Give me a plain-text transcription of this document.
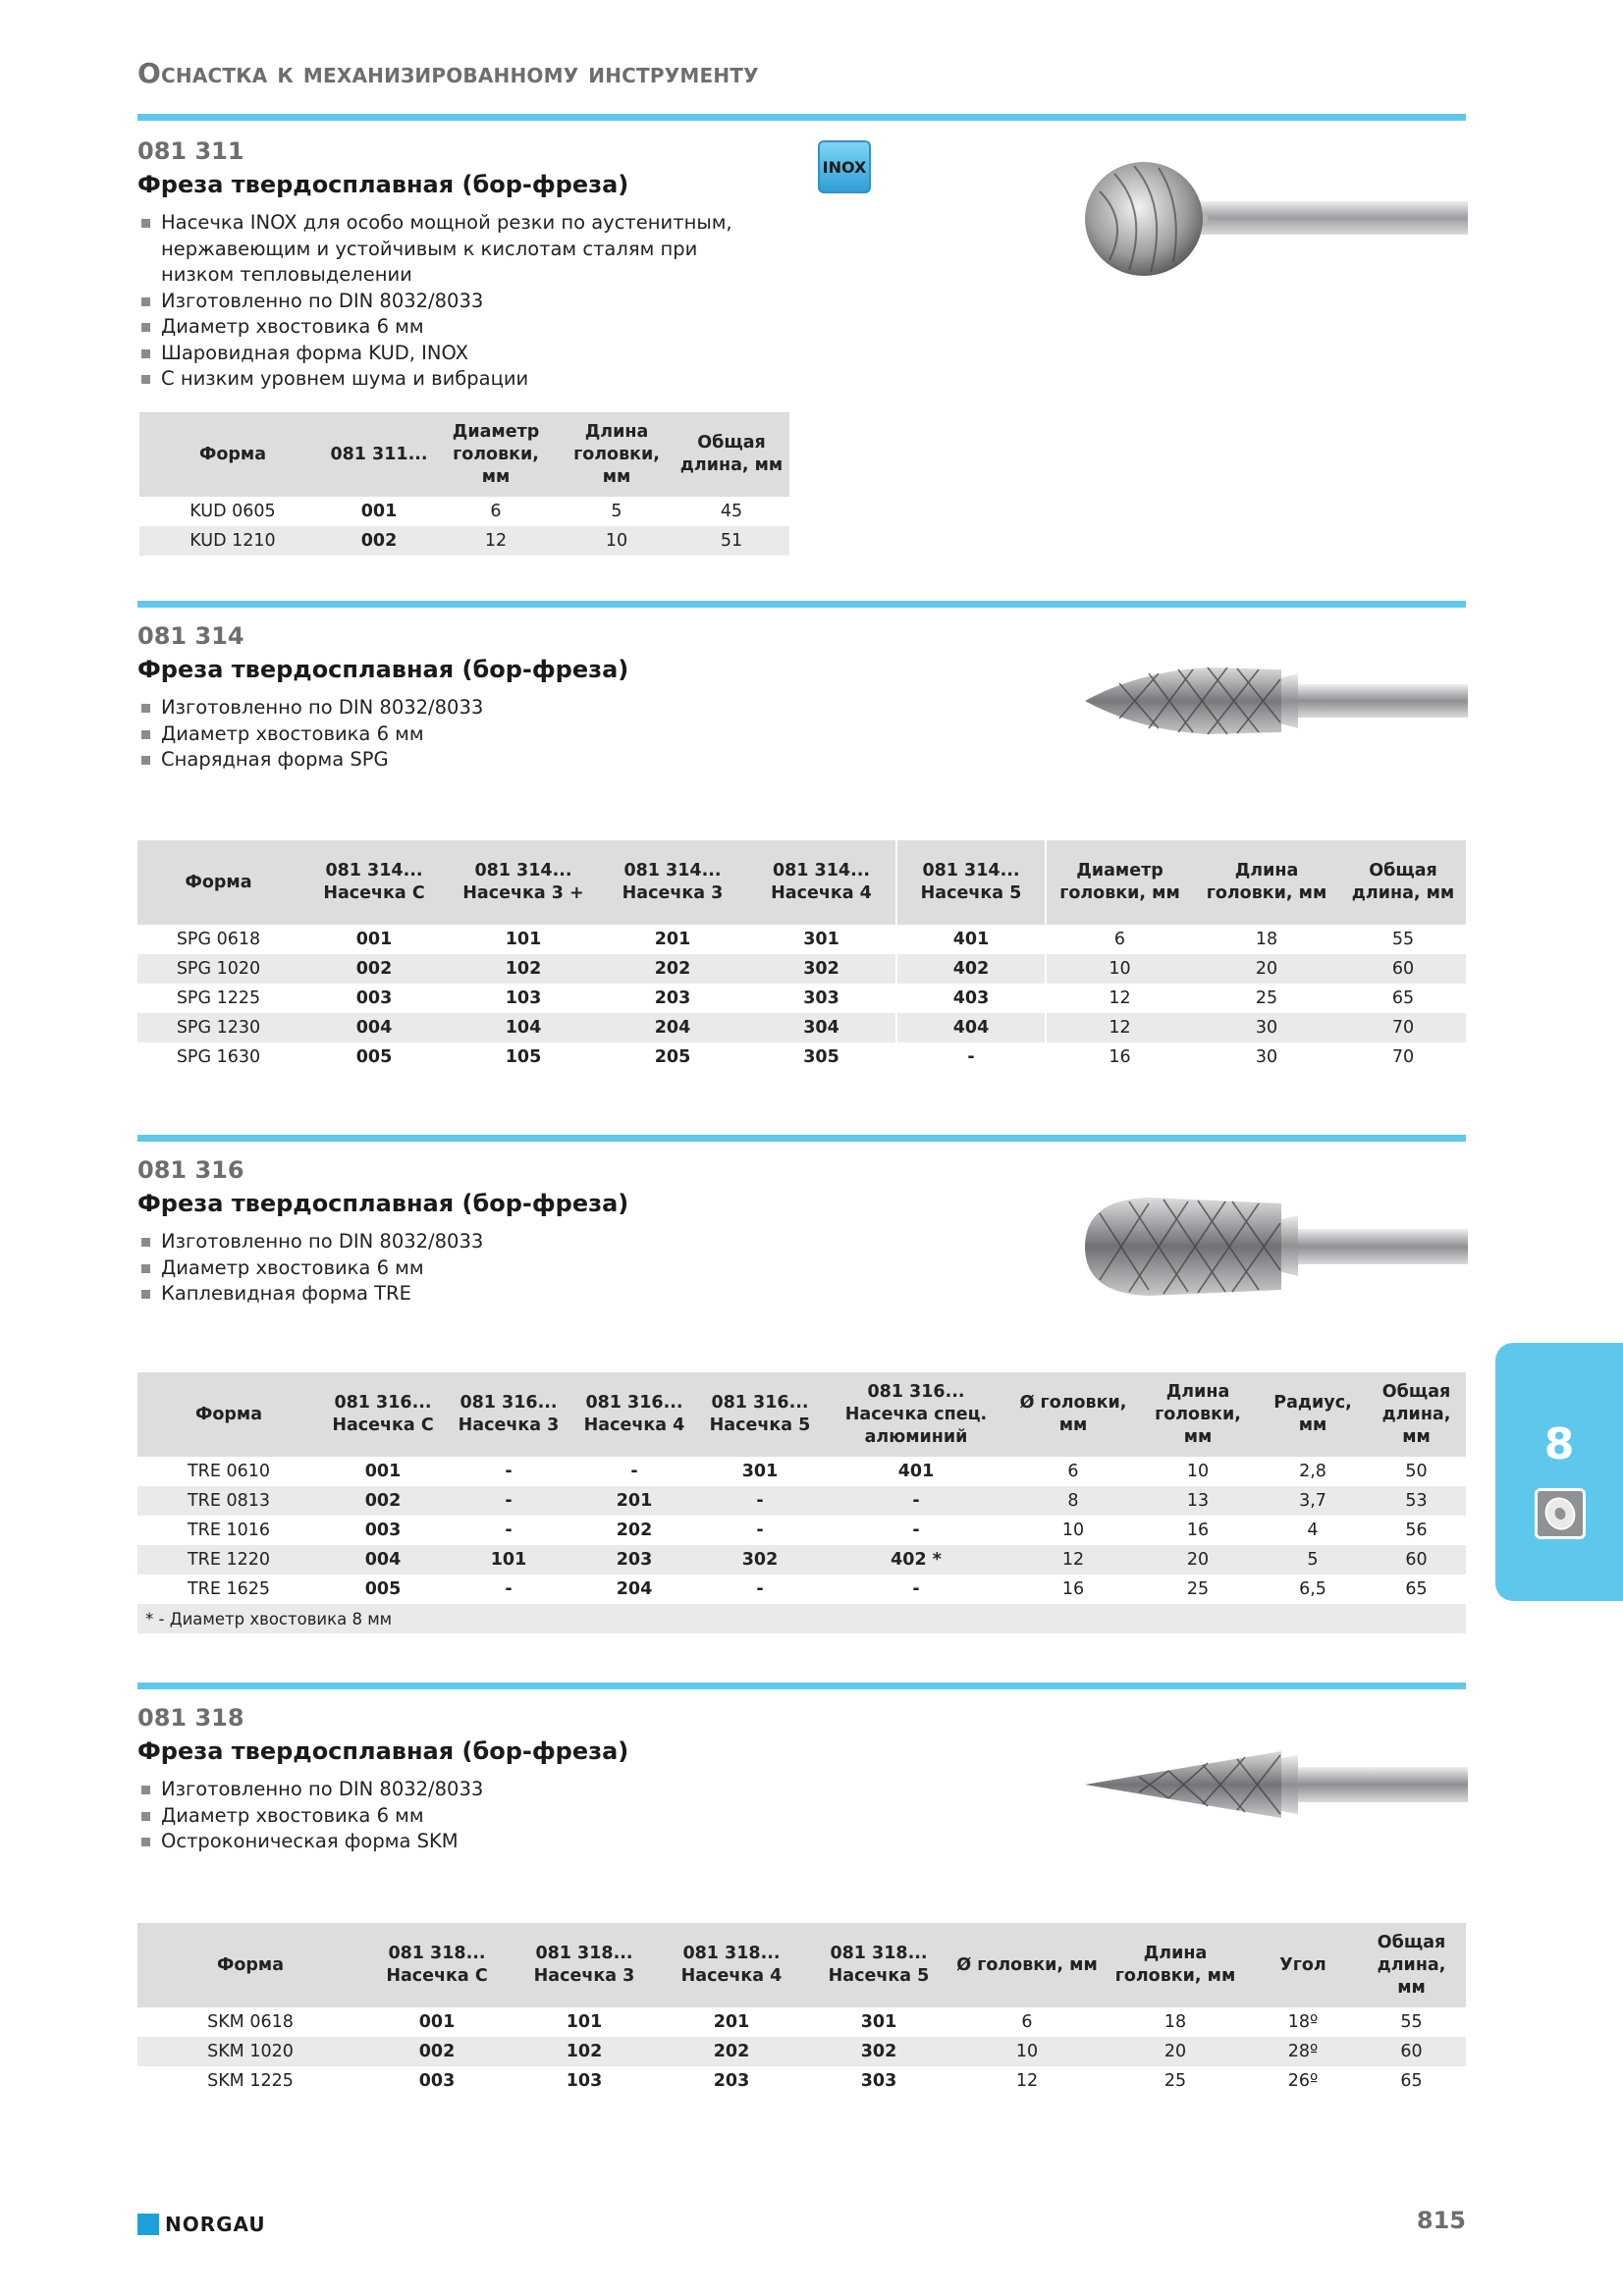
Оснастка к механизированному инструменту
081 311
Фреза твердосплавная (бор-фреза)
Насечка INOX для особо мощной резки по аустенитным, нержавеющим и устойчивым к кислотам сталям при низком тепловыделении
Изготовленно по DIN 8032/8033
Диаметр хвостовика 6 мм
Шаровидная форма KUD, INOX
С низким уровнем шума и вибрации
INOX
Форма	081 311...	Диаметр головки, мм	Длина головки, мм	Общая длина, мм
KUD 0605	001	6	5	45
KUD 1210	002	12	10	51
081 314
Фреза твердосплавная (бор-фреза)
Изготовленно по DIN 8032/8033
Диаметр хвостовика 6 мм
Снарядная форма SPG
Форма	081 314... Насечка С	081 314... Насечка 3 +	081 314... Насечка 3	081 314... Насечка 4	081 314... Насечка 5	Диаметр головки, мм	Длина головки, мм	Общая длина, мм
SPG 0618	001	101	201	301	401	6	18	55
SPG 1020	002	102	202	302	402	10	20	60
SPG 1225	003	103	203	303	403	12	25	65
SPG 1230	004	104	204	304	404	12	30	70
SPG 1630	005	105	205	305	-	16	30	70
081 316
Фреза твердосплавная (бор-фреза)
Изготовленно по DIN 8032/8033
Диаметр хвостовика 6 мм
Каплевидная форма TRE
Форма	081 316... Насечка С	081 316... Насечка 3	081 316... Насечка 4	081 316... Насечка 5	081 316... Насечка спец. алюминий	Ø головки, мм	Длина головки, мм	Радиус, мм	Общая длина, мм
TRE 0610	001	-	-	301	401	6	10	2,8	50
TRE 0813	002	-	201	-	-	8	13	3,7	53
TRE 1016	003	-	202	-	-	10	16	4	56
TRE 1220	004	101	203	302	402 *	12	20	5	60
TRE 1625	005	-	204	-	-	16	25	6,5	65
* - Диаметр хвостовика 8 мм									
081 318
Фреза твердосплавная (бор-фреза)
Изготовленно по DIN 8032/8033
Диаметр хвостовика 6 мм
Остроконическая форма SKM
Форма	081 318... Насечка С	081 318... Насечка 3	081 318... Насечка 4	081 318... Насечка 5	Ø головки, мм	Длина головки, мм	Угол	Общая длина, мм
SKM 0618	001	101	201	301	6	18	18º	55
SKM 1020	002	102	202	302	10	20	28º	60
SKM 1225	003	103	203	303	12	25	26º	65
8
NORGAU	815
